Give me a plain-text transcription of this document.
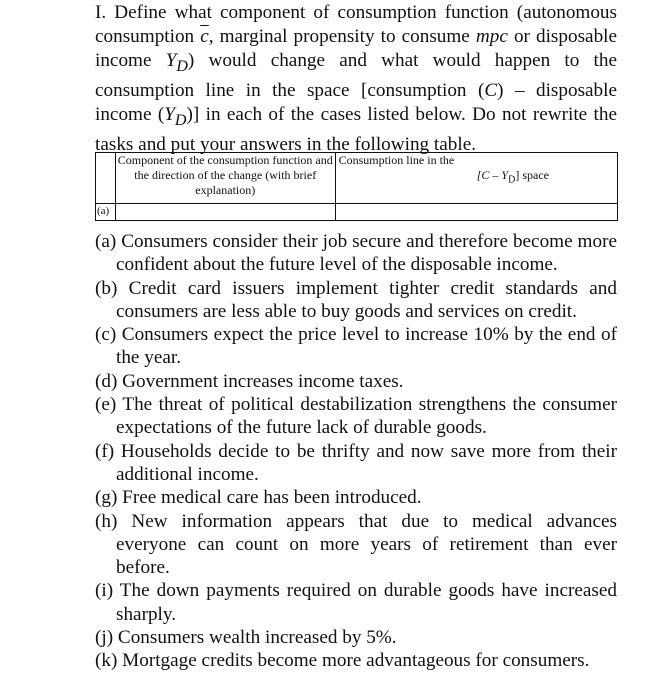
I. Define what component of consumption function (autonomous consumption $\overline{c}$, marginal propensity to consume mpc or disposable income $Y_D$) would change and what would happen to the consumption line in the space [consumption (C) – disposable income $(Y_D)$] in each of the cases listed below. Do not rewrite the tasks and put your answers in the following table.
	Component of the consumption function and the direction of the change (with brief explanation)	Consumption line in the
$[C - Y_D]$ space

(a)		
(a) Consumers consider their job secure and therefore become more confident about the future level of the disposable income.
(b) Credit card issuers implement tighter credit standards and consumers are less able to buy goods and services on credit.
(c) Consumers expect the price level to increase 10% by the end of the year.
(d) Government increases income taxes.
(e) The threat of political destabilization strengthens the consumer expectations of the future lack of durable goods.
(f) Households decide to be thrifty and now save more from their additional income.
(g) Free medical care has been introduced.
(h) New information appears that due to medical advances everyone can count on more years of retirement than ever before.
(i) The down payments required on durable goods have increased sharply.
(j) Consumers wealth increased by 5%.
(k) Mortgage credits become more advantageous for consumers.
